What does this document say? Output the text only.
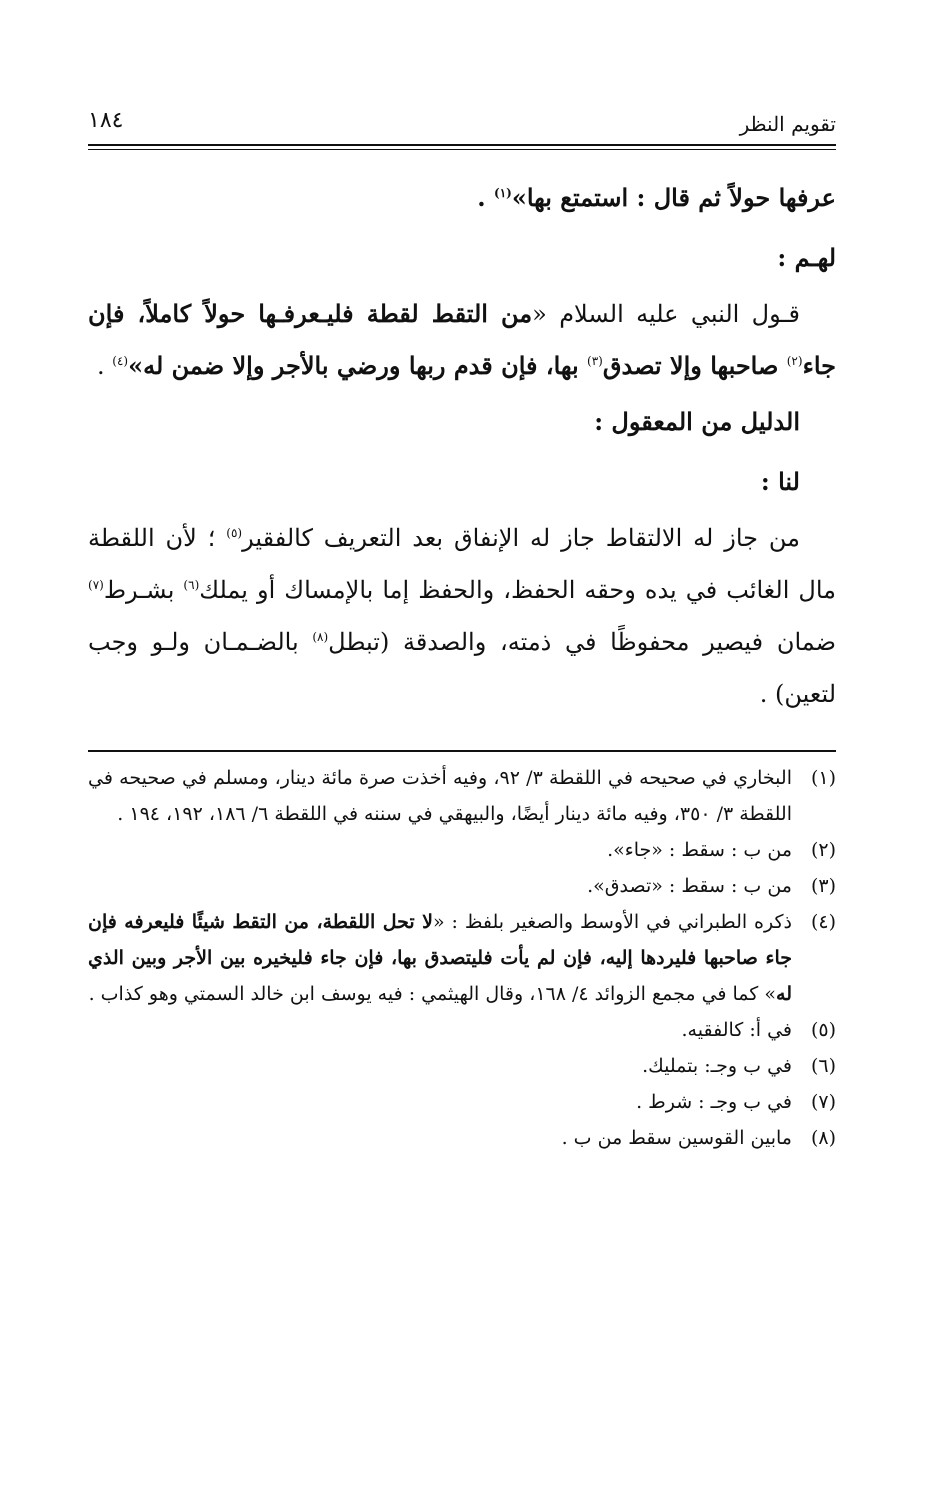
تقويم النظر
١٨٤

عرفها حولاً ثم قال : استمتع بها»$^{(١)}$ .

لهـم :

قـول النبي عليه السلام «من التقط لقطة فليـعرفـها حولاً كاملاً، فإن جاء$^{(٢)}$ صاحبها وإلا تصدق$^{(٣)}$ بها، فإن قدم ربها ورضي بالأجر وإلا ضمن له»$^{(٤)}$ .

الدليل من المعقول :

لنا :

من جاز له الالتقاط جاز له الإنفاق بعد التعريف كالفقير$^{(٥)}$ ؛ لأن اللقطة مال الغائب في يده وحقه الحفظ، والحفظ إما بالإمساك أو يملك$^{(٦)}$ بشـرط$^{(٧)}$ ضمان فيصير محفوظًا في ذمته، والصدقة (تبطل$^{(٨)}$ بالضـمـان ولـو وجب لتعين) .

(١)
البخاري في صحيحه في اللقطة ٣/ ٩٢، وفيه أخذت صرة مائة دينار، ومسلم في صحيحه في اللقطة ٣/ ٣٥٠، وفيه مائة دينار أيضًا، والبيهقي في سننه في اللقطة ٦/ ١٨٦، ١٩٢، ١٩٤ .
(٢)
من ب : سقط : «جاء».
(٣)
من ب : سقط : «تصدق».
(٤)
ذكره الطبراني في الأوسط والصغير بلفظ : «لا تحل اللقطة، من التقط شيئًا فليعرفه فإن جاء صاحبها فليردها إليه، فإن لم يأت فليتصدق بها، فإن جاء فليخيره بين الأجر وبين الذي له» كما في مجمع الزوائد ٤/ ١٦٨، وقال الهيثمي : فيه يوسف ابن خالد السمتي وهو كذاب .
(٥)
في أ: كالفقيه.
(٦)
في ب وجـ: بتمليك.
(٧)
في ب وجـ : شرط .
(٨)
مابين القوسين سقط من ب .
